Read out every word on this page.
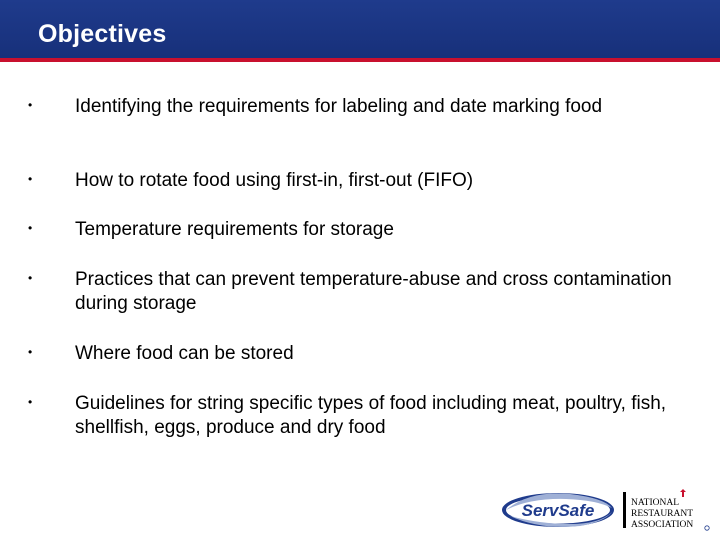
Objectives
• Identifying the requirements for labeling and date marking food
• How to rotate food using first-in, first-out (FIFO)
• Temperature requirements for storage
• Practices that can prevent temperature-abuse and cross contamination during storage
• Where food can be stored
• Guidelines for string specific types of food including meat, poultry, fish, shellfish, eggs, produce and dry food
ServSafe	NATIONAL
RESTAURANT
ASSOCIATION
